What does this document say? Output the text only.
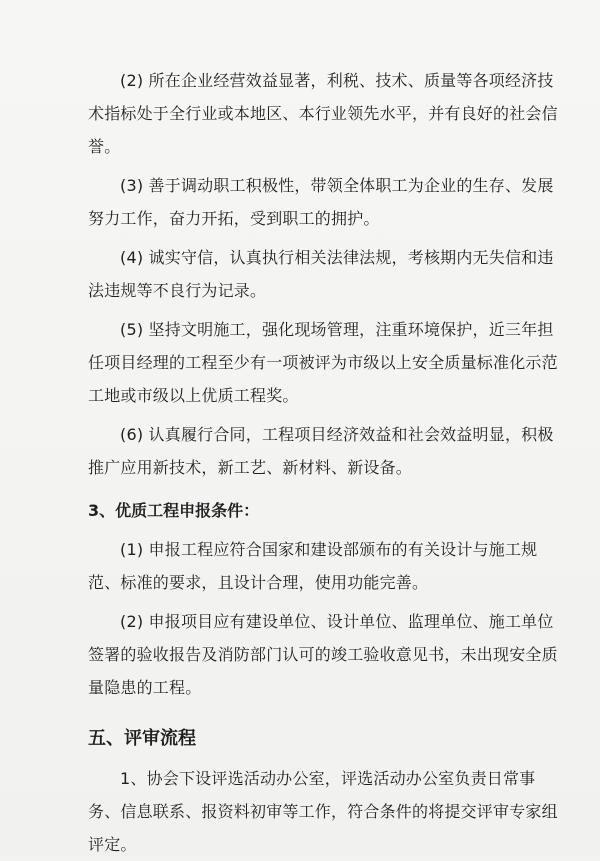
(2) 所在企业经营效益显著，利税、技术、质量等各项经济技术指标处于全行业或本地区、本行业领先水平，并有良好的社会信誉。

(3) 善于调动职工积极性，带领全体职工为企业的生存、发展努力工作，奋力开拓，受到职工的拥护。

(4) 诚实守信，认真执行相关法律法规，考核期内无失信和违法违规等不良行为记录。

(5) 坚持文明施工，强化现场管理，注重环境保护，近三年担任项目经理的工程至少有一项被评为市级以上安全质量标准化示范工地或市级以上优质工程奖。

(6) 认真履行合同，工程项目经济效益和社会效益明显，积极推广应用新技术，新工艺、新材料、新设备。

3、优质工程申报条件：

(1) 申报工程应符合国家和建设部颁布的有关设计与施工规范、标准的要求，且设计合理，使用功能完善。

(2) 申报项目应有建设单位、设计单位、监理单位、施工单位签署的验收报告及消防部门认可的竣工验收意见书，未出现安全质量隐患的工程。

五、评审流程

1、协会下设评选活动办公室，评选活动办公室负责日常事务、信息联系、报资料初审等工作，符合条件的将提交评审专家组评定。
